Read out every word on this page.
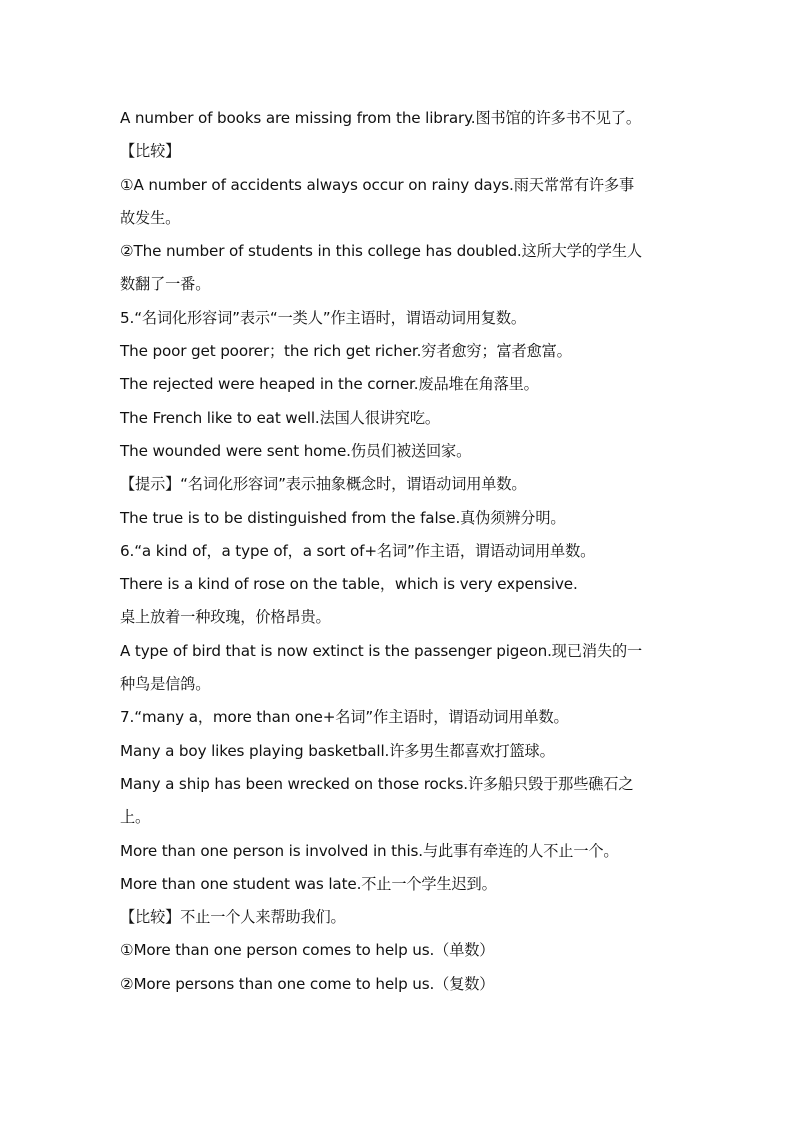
A number of books are missing from the library.图书馆的许多书不见了。
【比较】
①A number of accidents always occur on rainy days.雨天常常有许多事
故发生。
②The number of students in this college has doubled.这所大学的学生人
数翻了一番。
5.“名词化形容词”表示“一类人”作主语时，谓语动词用复数。
The poor get poorer；the rich get richer.穷者愈穷；富者愈富。
The rejected were heaped in the corner.废品堆在角落里。
The French like to eat well.法国人很讲究吃。
The wounded were sent home.伤员们被送回家。
【提示】“名词化形容词”表示抽象概念时，谓语动词用单数。
The true is to be distinguished from the false.真伪须辨分明。
6.“a kind of，a type of，a sort of+名词”作主语，谓语动词用单数。
There is a kind of rose on the table，which is very expensive.
桌上放着一种玫瑰，价格昂贵。
A type of bird that is now extinct is the passenger pigeon.现已消失的一
种鸟是信鸽。
7.“many a，more than one+名词”作主语时，谓语动词用单数。
Many a boy likes playing basketball.许多男生都喜欢打篮球。
Many a ship has been wrecked on those rocks.许多船只毁于那些礁石之
上。
More than one person is involved in this.与此事有牵连的人不止一个。
More than one student was late.不止一个学生迟到。
【比较】不止一个人来帮助我们。
①More than one person comes to help us.（单数）
②More persons than one come to help us.（复数）
